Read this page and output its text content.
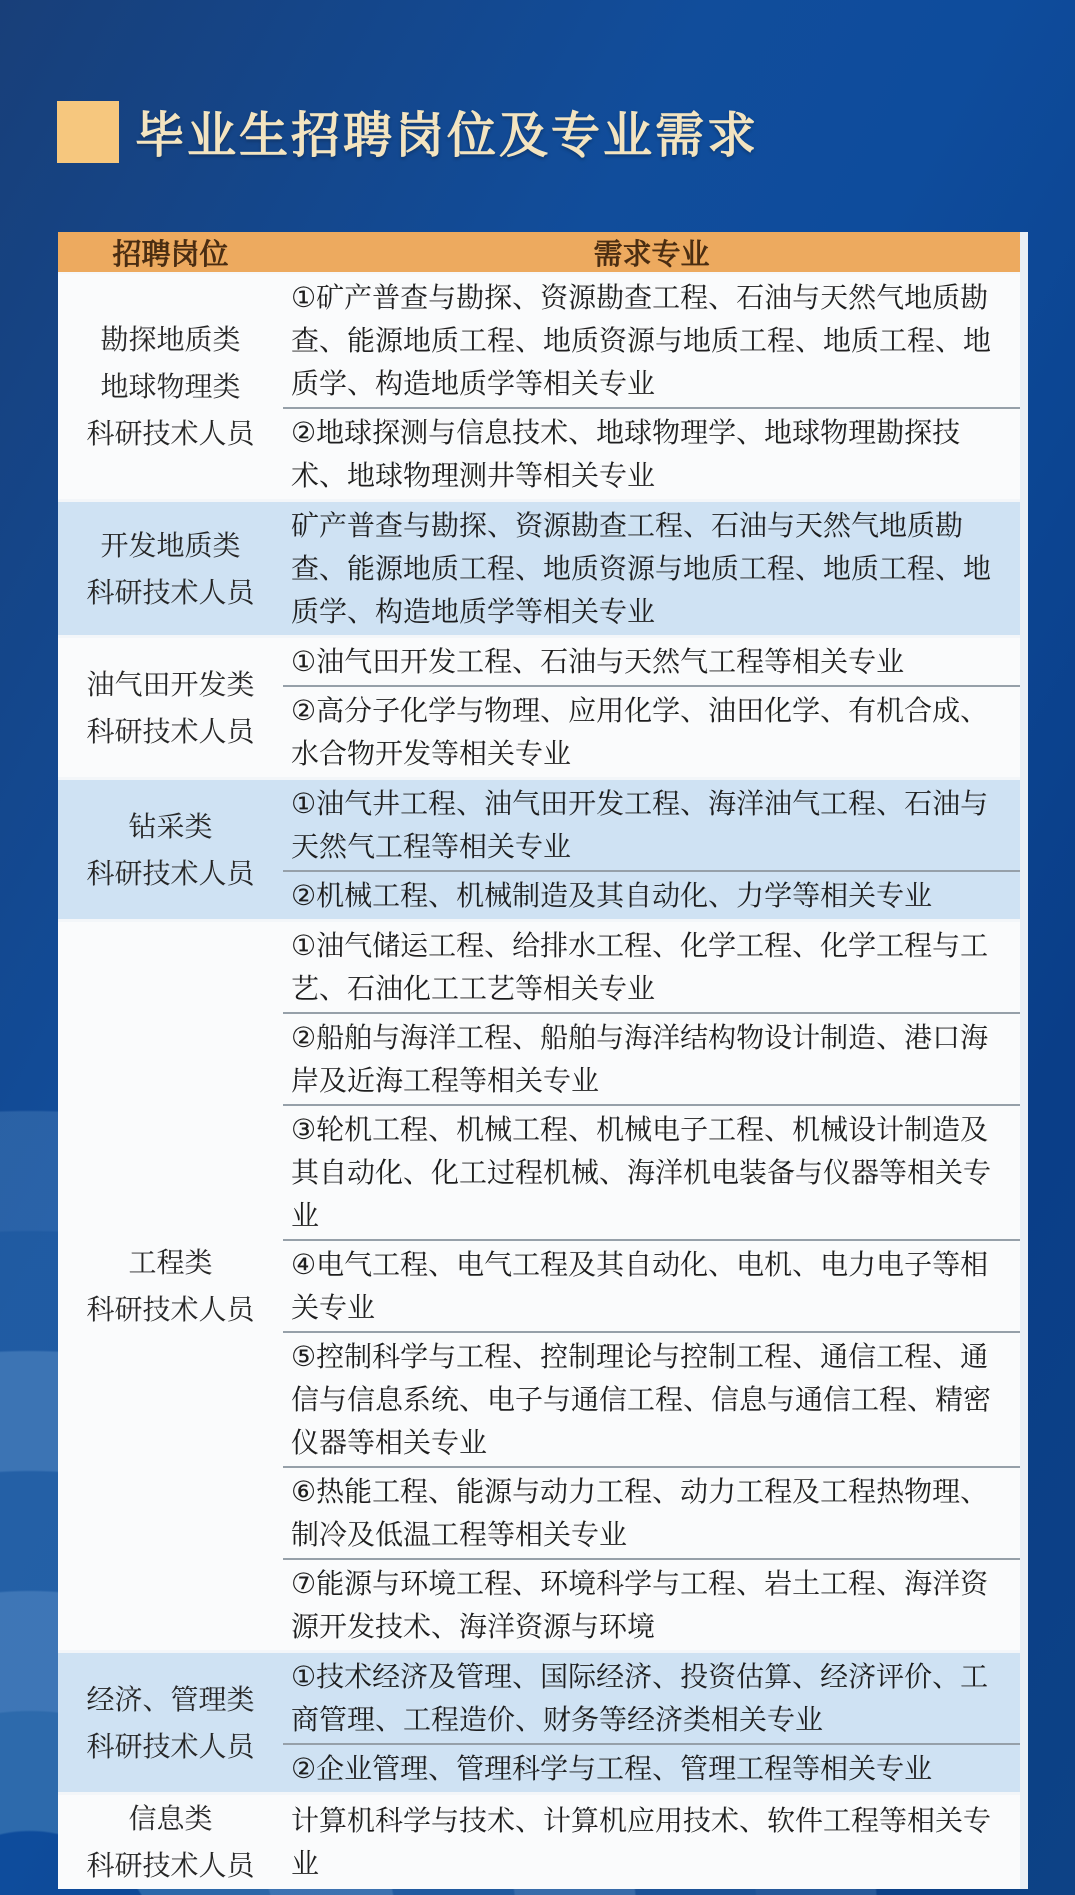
毕业生招聘岗位及专业需求
招聘岗位	需求专业
勘探地质类
地球物理类
科研技术人员
①矿产普查与勘探、资源勘查工程、石油与天然气地质勘查、能源地质工程、地质资源与地质工程、地质工程、地质学、构造地质学等相关专业
②地球探测与信息技术、地球物理学、地球物理勘探技术、地球物理测井等相关专业
开发地质类
科研技术人员
矿产普查与勘探、资源勘查工程、石油与天然气地质勘查、能源地质工程、地质资源与地质工程、地质工程、地质学、构造地质学等相关专业
油气田开发类
科研技术人员
①油气田开发工程、石油与天然气工程等相关专业
②高分子化学与物理、应用化学、油田化学、有机合成、水合物开发等相关专业
钻采类
科研技术人员
①油气井工程、油气田开发工程、海洋油气工程、石油与天然气工程等相关专业
②机械工程、机械制造及其自动化、力学等相关专业
工程类
科研技术人员
①油气储运工程、给排水工程、化学工程、化学工程与工艺、石油化工工艺等相关专业
②船舶与海洋工程、船舶与海洋结构物设计制造、港口海岸及近海工程等相关专业
③轮机工程、机械工程、机械电子工程、机械设计制造及其自动化、化工过程机械、海洋机电装备与仪器等相关专业
④电气工程、电气工程及其自动化、电机、电力电子等相关专业
⑤控制科学与工程、控制理论与控制工程、通信工程、通信与信息系统、电子与通信工程、信息与通信工程、精密仪器等相关专业
⑥热能工程、能源与动力工程、动力工程及工程热物理、制冷及低温工程等相关专业
⑦能源与环境工程、环境科学与工程、岩土工程、海洋资源开发技术、海洋资源与环境
经济、管理类
科研技术人员
①技术经济及管理、国际经济、投资估算、经济评价、工商管理、工程造价、财务等经济类相关专业
②企业管理、管理科学与工程、管理工程等相关专业
信息类
科研技术人员
计算机科学与技术、计算机应用技术、软件工程等相关专业
